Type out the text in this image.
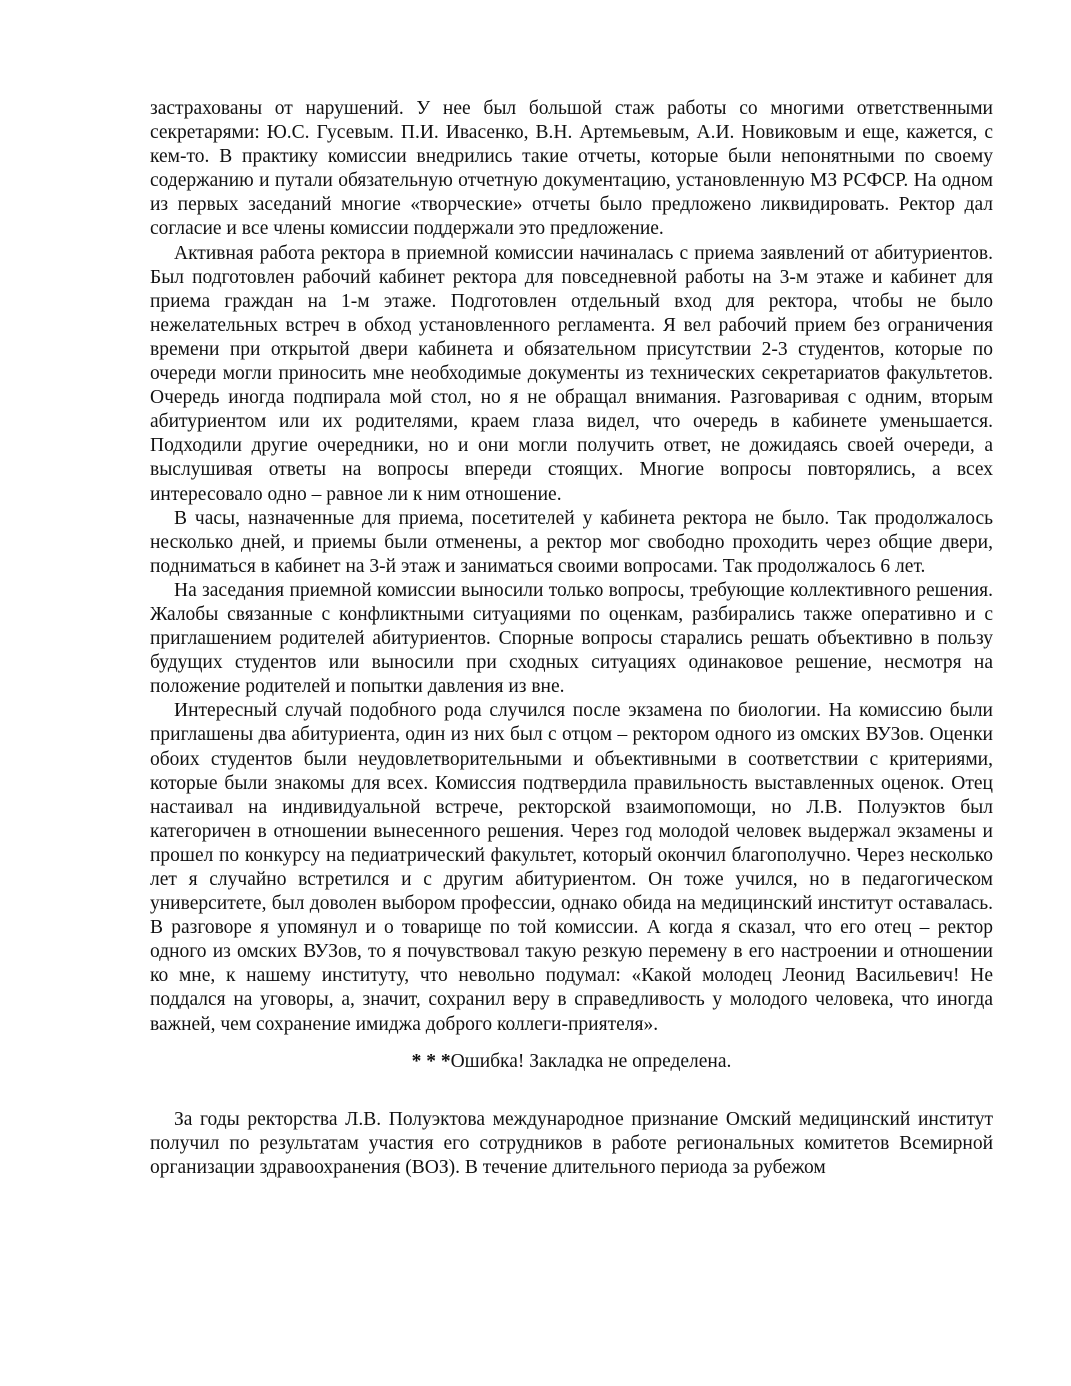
застрахованы от нарушений. У нее был большой стаж работы со многими ответственными секретарями: Ю.С. Гусевым. П.И. Ивасенко, В.Н. Артемьевым, А.И. Новиковым и еще, кажется, с кем-то. В практику комиссии внедрились такие отчеты, которые были непонятными по своему содержанию и путали обязательную отчетную документацию, установленную МЗ РСФСР. На одном из первых заседаний многие «творческие» отчеты было предложено ликвидировать. Ректор дал согласие и все члены комиссии поддержали это предложение.

Активная работа ректора в приемной комиссии начиналась с приема заявлений от абитуриентов. Был подготовлен рабочий кабинет ректора для повседневной работы на 3-м этаже и кабинет для приема граждан на 1-м этаже. Подготовлен отдельный вход для ректора, чтобы не было нежелательных встреч в обход установленного регламента. Я вел рабочий прием без ограничения времени при открытой двери кабинета и обязательном присутствии 2-3 студентов, которые по очереди могли приносить мне необходимые документы из технических секретариатов факультетов. Очередь иногда подпирала мой стол, но я не обращал внимания. Разговаривая с одним, вторым абитуриентом или их родителями, краем глаза видел, что очередь в кабинете уменьшается. Подходили другие очередники, но и они могли получить ответ, не дожидаясь своей очереди, а выслушивая ответы на вопросы впереди стоящих. Многие вопросы повторялись, а всех интересовало одно – равное ли к ним отношение.

В часы, назначенные для приема, посетителей у кабинета ректора не было. Так продолжалось несколько дней, и приемы были отменены, а ректор мог свободно проходить через общие двери, подниматься в кабинет на 3-й этаж и заниматься своими вопросами. Так продолжалось 6 лет.

На заседания приемной комиссии выносили только вопросы, требующие коллективного решения. Жалобы связанные с конфликтными ситуациями по оценкам, разбирались также оперативно и с приглашением родителей абитуриентов. Спорные вопросы старались решать объективно в пользу будущих студентов или выносили при сходных ситуациях одинаковое решение, несмотря на положение родителей и попытки давления из вне.

Интересный случай подобного рода случился после экзамена по биологии. На комиссию были приглашены два абитуриента, один из них был с отцом – ректором одного из омских ВУЗов. Оценки обоих студентов были неудовлетворительными и объективными в соответствии с критериями, которые были знакомы для всех. Комиссия подтвердила правильность выставленных оценок. Отец настаивал на индивидуальной встрече, ректорской взаимопомощи, но Л.В. Полуэктов был категоричен в отношении вынесенного решения. Через год молодой человек выдержал экзамены и прошел по конкурсу на педиатрический факультет, который окончил благополучно. Через несколько лет я случайно встретился и с другим абитуриентом. Он тоже учился, но в педагогическом университете, был доволен выбором профессии, однако обида на медицинский институт оставалась. В разговоре я упомянул и о товарище по той комиссии. А когда я сказал, что его отец – ректор одного из омских ВУЗов, то я почувствовал такую резкую перемену в его настроении и отношении ко мне, к нашему институту, что невольно подумал: «Какой молодец Леонид Васильевич! Не поддался на уговоры, а, значит, сохранил веру в справедливость у молодого человека, что иногда важней, чем сохранение имиджа доброго коллеги-приятеля».

* * *Ошибка! Закладка не определена.

За годы ректорства Л.В. Полуэктова международное признание Омский медицинский институт получил по результатам участия его сотрудников в работе региональных комитетов Всемирной организации здравоохранения (ВОЗ). В течение длительного периода за рубежом
